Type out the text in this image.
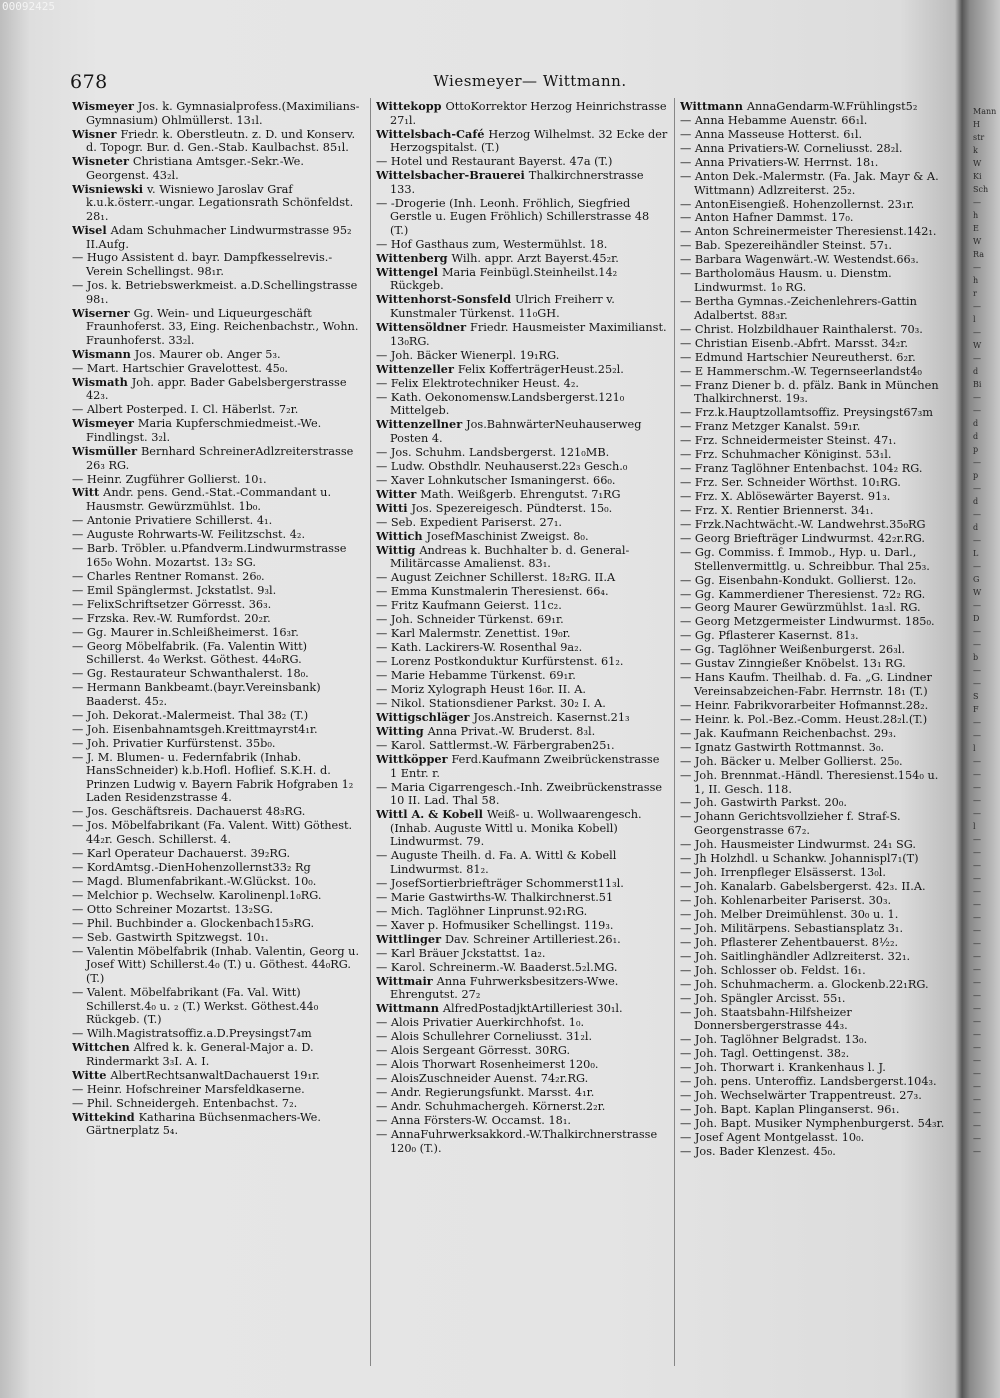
00092425
678	Wiesmeyer— Wittmann.
Wismeyer Jos. k. Gymnasialprofess.(Maximilians-Gymnasium) Ohlmüllerst. 13₁l.
Wisner Friedr. k. Oberstleutn. z. D. und Konserv. d. Topogr. Bur. d. Gen.-Stab. Kaulbachst. 85₁l.
Wisneter Christiana Amtsger.-Sekr.-We. Georgenst. 43₂l.
Wisniewski v. Wisniewo Jaroslav Graf k.u.k.österr.-ungar. Legationsrath Schönfeldst. 28₁.
Wisel Adam Schuhmacher Lindwurmstrasse 95₂ II.Aufg.
— Hugo Assistent d. bayr. Dampfkesselrevis.-Verein Schellingst. 98₁r.
— Jos. k. Betriebswerkmeist. a.D.Schellingstrasse 98₁.
Wiserner Gg. Wein- und Liqueurgeschäft Fraunhoferst. 33, Eing. Reichenbachstr., Wohn. Fraunhoferst. 33₂l.
Wismann Jos. Maurer ob. Anger 5₃.
— Mart. Hartschier Gravelottest. 45₀.
Wismath Joh. appr. Bader Gabelsbergerstrasse 42₃.
— Albert Posterped. I. Cl. Häberlst. 7₂r.
Wismeyer Maria Kupferschmiedmeist.-We. Findlingst. 3₂l.
Wismüller Bernhard SchreinerAdlzreiterstrasse 26₃ RG.
— Heinr. Zugführer Gollierst. 10₁.
Witt Andr. pens. Gend.-Stat.-Commandant u. Hausmstr. Gewürzmühlst. 1b₀.
— Antonie Privatiere Schillerst. 4₁.
— Auguste Rohrwarts-W. Feilitzschst. 4₂.
— Barb. Tröbler. u.Pfandverm.Lindwurmstrasse 165₀ Wohn. Mozartst. 13₂ SG.
— Charles Rentner Romanst. 26₀.
— Emil Spänglermst. Jckstatlst. 9₃l.
— FelixSchriftsetzer Görresst. 36₃.
— Frzska. Rev.-W. Rumfordst. 20₂r.
— Gg. Maurer in.Schleißheimerst. 16₃r.
— Georg Möbelfabrik. (Fa. Valentin Witt) Schillerst. 4₀ Werkst. Göthest. 44₀RG.
— Gg. Restaurateur Schwanthalerst. 18₀.
— Hermann Bankbeamt.(bayr.Vereinsbank) Baaderst. 45₂.
— Joh. Dekorat.-Malermeist. Thal 38₂ (T.)
— Joh. Eisenbahnamtsgeh.Kreittmayrst4₁r.
— Joh. Privatier Kurfürstenst. 35b₀.
— J. M. Blumen- u. Federnfabrik (Inhab. HansSchneider) k.b.Hofl. Hoflief. S.K.H. d. Prinzen Ludwig v. Bayern Fabrik Hofgraben 1₂ Laden Residenzstrasse 4.
— Jos. Geschäftsreis. Dachauerst 48₃RG.
— Jos. Möbelfabrikant (Fa. Valent. Witt) Göthest. 44₂r. Gesch. Schillerst. 4.
— Karl Operateur Dachauerst. 39₂RG.
— KordAmtsg.-DienHohenzollernst33₂ Rg
— Magd. Blumenfabrikant.-W.Glückst. 10₀.
— Melchior p. Wechselw. Karolinenpl.1₀RG.
— Otto Schreiner Mozartst. 13₂SG.
— Phil. Buchbinder a. Glockenbach15₃RG.
— Seb. Gastwirth Spitzwegst. 10₁.
— Valentin Möbelfabrik (Inhab. Valentin, Georg u. Josef Witt) Schillerst.4₀ (T.) u. Göthest. 44₀RG. (T.)
— Valent. Möbelfabrikant (Fa. Val. Witt) Schillerst.4₀ u. ₂ (T.) Werkst. Göthest.44₀ Rückgeb. (T.)
— Wilh.Magistratsoffiz.a.D.Preysingst7₄m
Wittchen Alfred k. k. General-Major a. D. Rindermarkt 3₃I. A. I.
Witte AlbertRechtsanwaltDachauerst 19₁r.
— Heinr. Hofschreiner Marsfeldkaserne.
— Phil. Schneidergeh. Entenbachst. 7₂.
Wittekind Katharina Büchsenmachers-We. Gärtnerplatz 5₄.
Wittekopp OttoKorrektor Herzog Heinrichstrasse 27₁l.
Wittelsbach-Café Herzog Wilhelmst. 32 Ecke der Herzogspitalst. (T.)
— Hotel und Restaurant Bayerst. 47a (T.)
Wittelsbacher-Brauerei Thalkirchnerstrasse 133.
— -Drogerie (Inh. Leonh. Fröhlich, Siegfried Gerstle u. Eugen Fröhlich) Schillerstrasse 48 (T.)
— Hof Gasthaus zum, Westermühlst. 18.
Wittenberg Wilh. appr. Arzt Bayerst.45₂r.
Wittengel Maria Feinbügl.Steinheilst.14₂ Rückgeb.
Wittenhorst-Sonsfeld Ulrich Freiherr v. Kunstmaler Türkenst. 11₀GH.
Wittensöldner Friedr. Hausmeister Maximilianst. 13₀RG.
— Joh. Bäcker Wienerpl. 19₁RG.
Wittenzeller Felix KofferträgerHeust.25₂l.
— Felix Elektrotechniker Heust. 4₂.
— Kath. Oekonomensw.Landsbergerst.121₀ Mittelgeb.
Wittenzellner Jos.BahnwärterNeuhauserweg Posten 4.
— Jos. Schuhm. Landsbergerst. 121₀MB.
— Ludw. Obsthdlr. Neuhauserst.22₃ Gesch.₀
— Xaver Lohnkutscher Ismaningerst. 66₀.
Witter Math. Weißgerb. Ehrengutst. 7₁RG
Witti Jos. Spezereigesch. Pündterst. 15₀.
— Seb. Expedient Pariserst. 27₁.
Wittich JosefMaschinist Zweigst. 8₀.
Wittig Andreas k. Buchhalter b. d. General-Militärcasse Amalienst. 83₁.
— August Zeichner Schillerst. 18₂RG. II.A
— Emma Kunstmalerin Theresienst. 66₄.
— Fritz Kaufmann Geierst. 11c₂.
— Joh. Schneider Türkenst. 69₁r.
— Karl Malermstr. Zenettist. 19₀r.
— Kath. Lackirers-W. Rosenthal 9a₂.
— Lorenz Postkonduktur Kurfürstenst. 61₂.
— Marie Hebamme Türkenst. 69₁r.
— Moriz Xylograph Heust 16₀r. II. A.
— Nikol. Stationsdiener Parkst. 30₂ I. A.
Wittigschläger Jos.Anstreich. Kasernst.21₃
Witting Anna Privat.-W. Bruderst. 8₃l.
— Karol. Sattlermst.-W. Färbergraben25₁.
Wittköpper Ferd.Kaufmann Zweibrückenstrasse 1 Entr. r.
— Maria Cigarrengesch.-Inh. Zweibrückenstrasse 10 II. Lad. Thal 58.
Wittl A. & Kobell Weiß- u. Wollwaarengesch. (Inhab. Auguste Wittl u. Monika Kobell) Lindwurmst. 79.
— Auguste Theilh. d. Fa. A. Wittl & Kobell Lindwurmst. 81₂.
— JosefSortierbriefträger Schommerst11₃l.
— Marie Gastwirths-W. Thalkirchnerst.51
— Mich. Taglöhner Linprunst.92₁RG.
— Xaver p. Hofmusiker Schellingst. 119₃.
Wittlinger Dav. Schreiner Artilleriest.26₁.
— Karl Bräuer Jckstattst. 1a₂.
— Karol. Schreinerm.-W. Baaderst.5₂l.MG.
Wittmair Anna Fuhrwerksbesitzers-Wwe. Ehrengutst. 27₂
Wittmann AlfredPostadjktArtilleriest 30₁l.
— Alois Privatier Auerkirchhofst. 1₀.
— Alois Schullehrer Corneliusst. 31₂l.
— Alois Sergeant Görresst. 30RG.
— Alois Thorwart Rosenheimerst 120₀.
— AloisZuschneider Auenst. 74₂r.RG.
— Andr. Regierungsfunkt. Marsst. 4₁r.
— Andr. Schuhmachergeh. Körnerst.2₂r.
— Anna Försters-W. Occamst. 18₁.
— AnnaFuhrwerksakkord.-W.Thalkirchnerstrasse 120₀ (T.).
Wittmann AnnaGendarm-W.Frühlingst5₂
— Anna Hebamme Auenstr. 66₁l.
— Anna Masseuse Hotterst. 6₁l.
— Anna Privatiers-W. Corneliusst. 28₂l.
— Anna Privatiers-W. Herrnst. 18₁.
— Anton Dek.-Malermstr. (Fa. Jak. Mayr & A. Wittmann) Adlzreiterst. 25₂.
— AntonEisengieß. Hohenzollernst. 23₁r.
— Anton Hafner Dammst. 17₀.
— Anton Schreinermeister Theresienst.142₁.
— Bab. Spezereihändler Steinst. 57₁.
— Barbara Wagenwärt.-W. Westendst.66₃.
— Bartholomäus Hausm. u. Dienstm. Lindwurmst. 1₀ RG.
— Bertha Gymnas.-Zeichenlehrers-Gattin Adalbertst. 88₃r.
— Christ. Holzbildhauer Rainthalerst. 70₃.
— Christian Eisenb.-Abfrt. Marsst. 34₂r.
— Edmund Hartschier Neureutherst. 6₂r.
— E Hammerschm.-W. Tegernseerlandst4₀
— Franz Diener b. d. pfälz. Bank in München Thalkirchnerst. 19₃.
— Frz.k.Hauptzollamtsoffiz. Preysingst67₃m
— Franz Metzger Kanalst. 59₁r.
— Frz. Schneidermeister Steinst. 47₁.
— Frz. Schuhmacher Königinst. 53₁l.
— Franz Taglöhner Entenbachst. 104₂ RG.
— Frz. Ser. Schneider Wörthst. 10₁RG.
— Frz. X. Ablösewärter Bayerst. 91₃.
— Frz. X. Rentier Briennerst. 34₁.
— Frzk.Nachtwächt.-W. Landwehrst.35₀RG
— Georg Briefträger Lindwurmst. 42₂r.RG.
— Gg. Commiss. f. Immob., Hyp. u. Darl., Stellenvermittlg. u. Schreibbur. Thal 25₃.
— Gg. Eisenbahn-Kondukt. Gollierst. 12₀.
— Gg. Kammerdiener Theresienst. 72₂ RG.
— Georg Maurer Gewürzmühlst. 1a₃l. RG.
— Georg Metzgermeister Lindwurmst. 185₀.
— Gg. Pflasterer Kasernst. 81₃.
— Gg. Taglöhner Weißenburgerst. 26₃l.
— Gustav Zinngießer Knöbelst. 13₁ RG.
— Hans Kaufm. Theilhab. d. Fa. „G. Lindner Vereinsabzeichen-Fabr. Herrnstr. 18₁ (T.)
— Heinr. Fabrikvorarbeiter Hofmannst.28₂.
— Heinr. k. Pol.-Bez.-Comm. Heust.28₂l.(T.)
— Jak. Kaufmann Reichenbachst. 29₃.
— Ignatz Gastwirth Rottmannst. 3₀.
— Joh. Bäcker u. Melber Gollierst. 25₀.
— Joh. Brennmat.-Händl. Theresienst.154₀ u. 1, II. Gesch. 118.
— Joh. Gastwirth Parkst. 20₀.
— Johann Gerichtsvollzieher f. Straf-S. Georgenstrasse 67₂.
— Joh. Hausmeister Lindwurmst. 24₁ SG.
— Jh Holzhdl. u Schankw. Johannispl7₁(T)
— Joh. Irrenpfleger Elsässerst. 13₀l.
— Joh. Kanalarb. Gabelsbergerst. 42₃. II.A.
— Joh. Kohlenarbeiter Pariserst. 30₃.
— Joh. Melber Dreimühlenst. 30₀ u. 1.
— Joh. Militärpens. Sebastiansplatz 3₁.
— Joh. Pflasterer Zehentbauerst. 8½₂.
— Joh. Saitlinghändler Adlzreiterst. 32₁.
— Joh. Schlosser ob. Feldst. 16₁.
— Joh. Schuhmacherm. a. Glockenb.22₁RG.
— Joh. Spängler Arcisst. 55₁.
— Joh. Staatsbahn-Hilfsheizer Donnersbergerstrasse 44₃.
— Joh. Taglöhner Belgradst. 13₀.
— Joh. Tagl. Oettingenst. 38₂.
— Joh. Thorwart i. Krankenhaus l. J.
— Joh. pens. Unteroffiz. Landsbergerst.104₃.
— Joh. Wechselwärter Trappentreust. 27₃.
— Joh. Bapt. Kaplan Plinganserst. 96₁.
— Joh. Bapt. Musiker Nymphenburgerst. 54₃r.
— Josef Agent Montgelasst. 10₀.
— Jos. Bader Klenzest. 45₀.
Mann
H
str
k
W
Ki
Sch
—
h
E
W
Ra
—
h
r
—
l
—
W
—
d
Bi
—
—
d
d
p
—
p
—
d
—
d
—
L
—
G
W
—
D
—
—
b
—
—
S
F
—
—
l
—
—
—
—
—
l
—
—
—
—
—
—
—
—
—
—
—
—
—
—
—
—
—
—
—
—
—
—
—
—
—
